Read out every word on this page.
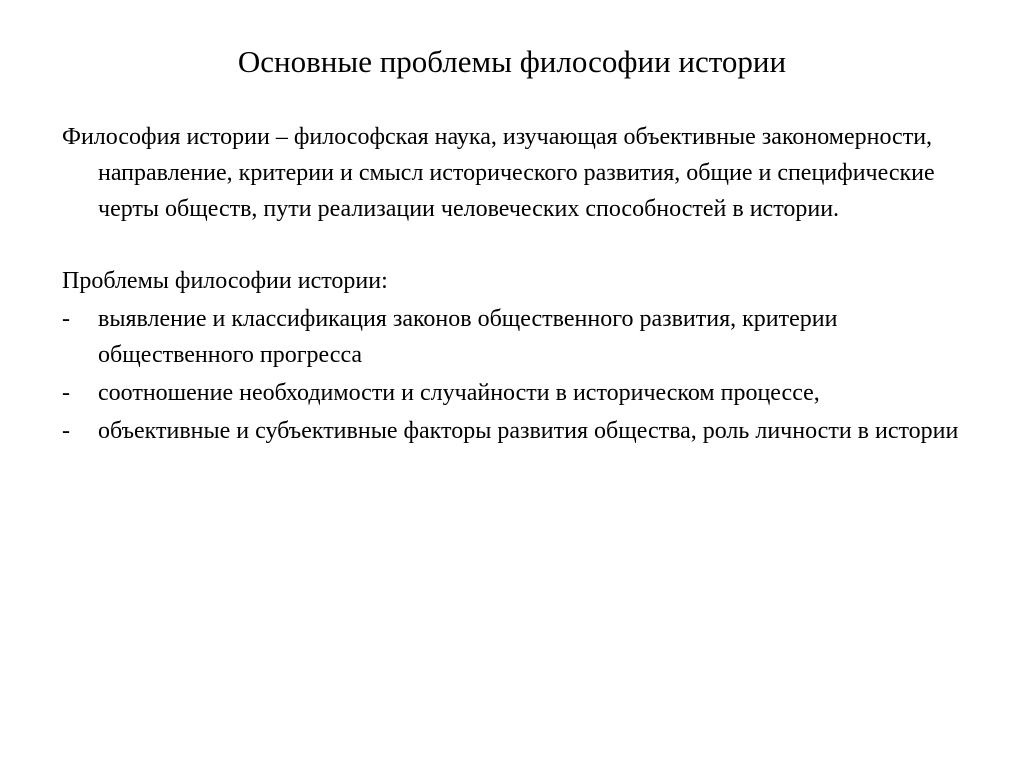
Основные проблемы философии истории

Философия истории – философская наука, изучающая объективные закономерности, направление, критерии и смысл исторического развития, общие и специфические черты обществ, пути реализации человеческих способностей в истории.

Проблемы философии истории:

- выявление и классификация законов общественного развития, критерии общественного прогресса
- соотношение необходимости и случайности в историческом процессе,
- объективные и субъективные факторы развития общества, роль личности в истории
